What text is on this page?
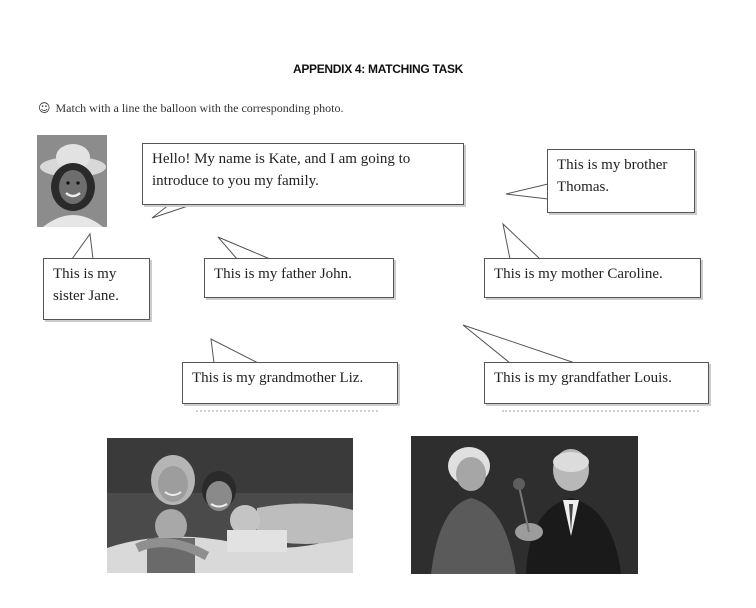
APPENDIX 4: MATCHING TASK
☺ Match with a line the balloon with the corresponding photo.
Hello! My name is Kate, and I am going to introduce to you my family.
This is my brother Thomas.
This is my sister Jane.
This is my father John.	This is my mother Caroline.
This is my grandmother Liz.	This is my grandfather Louis.
